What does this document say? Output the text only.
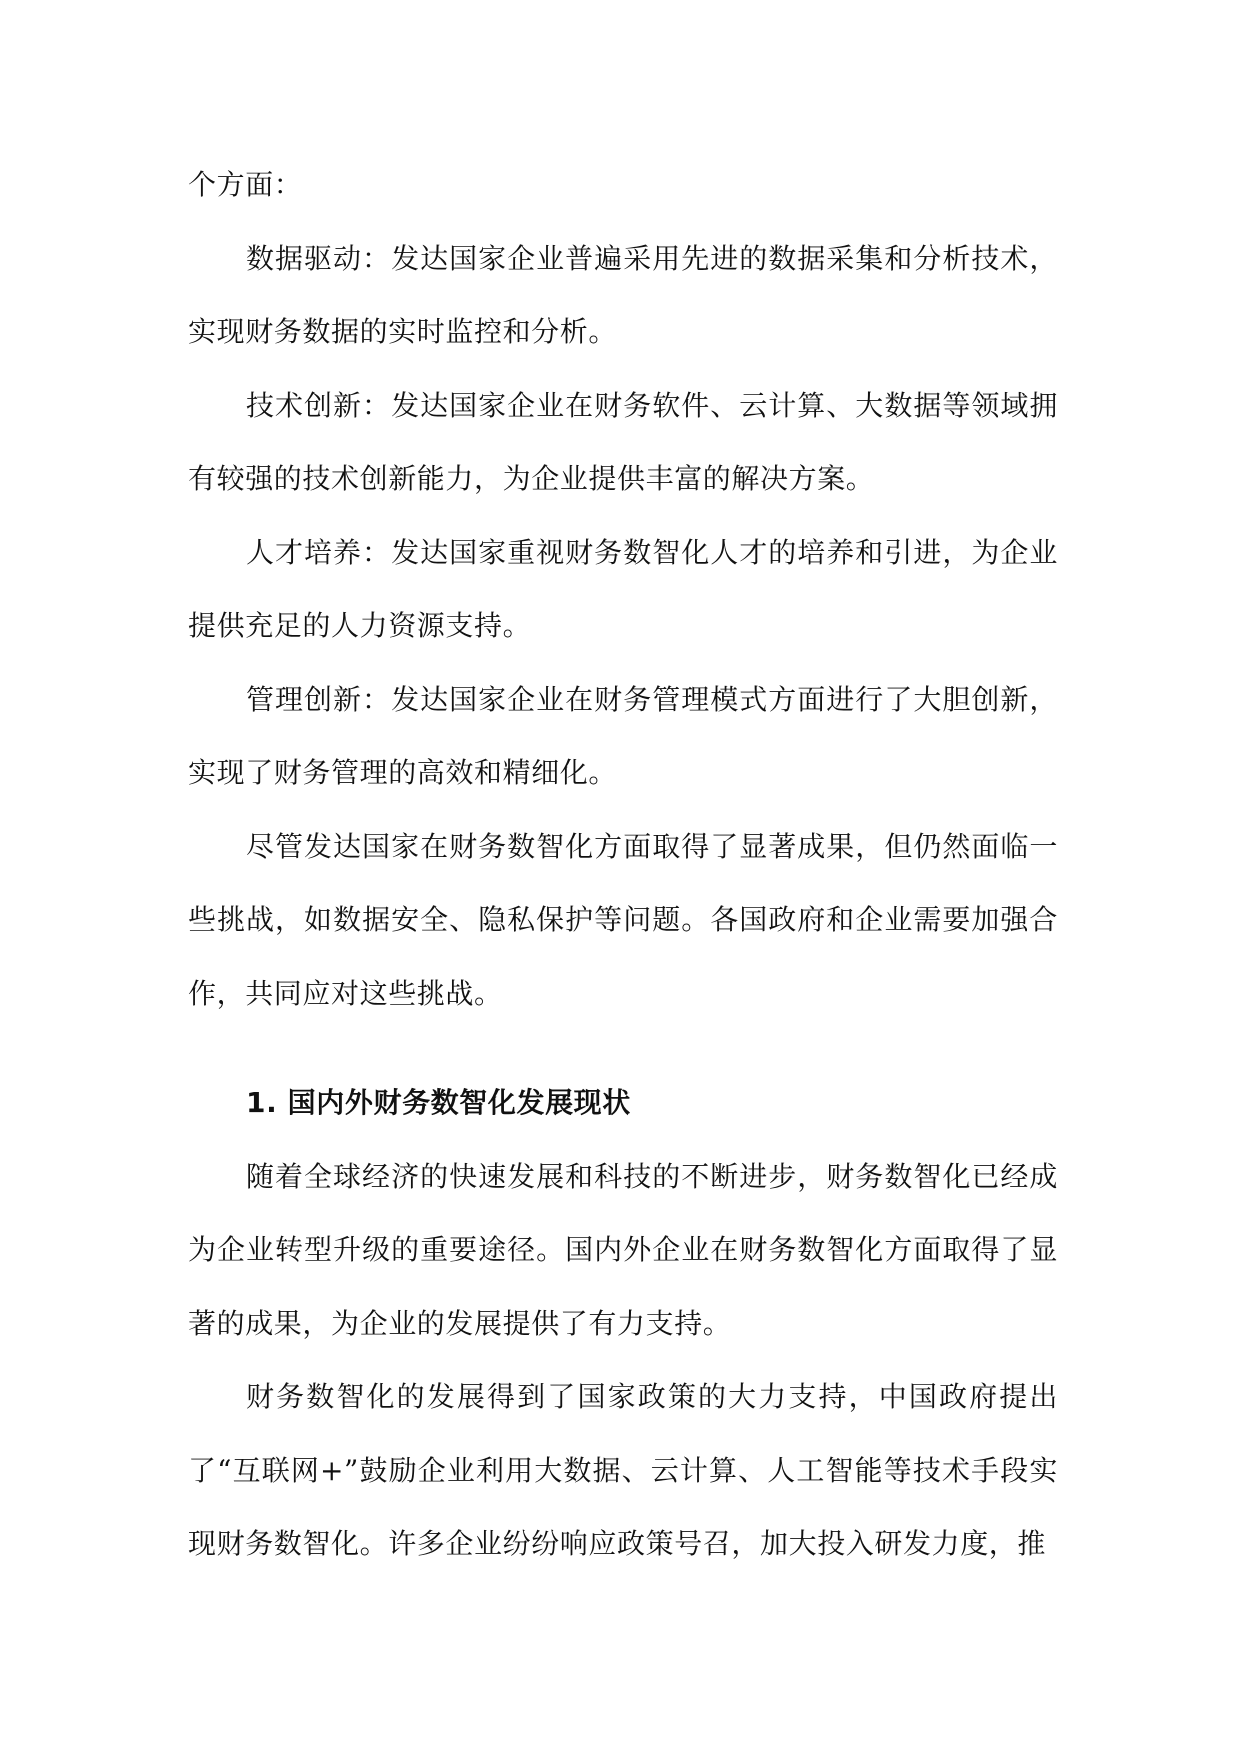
个方面：

数据驱动：发达国家企业普遍采用先进的数据采集和分析技术，实现财务数据的实时监控和分析。

技术创新：发达国家企业在财务软件、云计算、大数据等领域拥有较强的技术创新能力，为企业提供丰富的解决方案。

人才培养：发达国家重视财务数智化人才的培养和引进，为企业提供充足的人力资源支持。

管理创新：发达国家企业在财务管理模式方面进行了大胆创新，实现了财务管理的高效和精细化。

尽管发达国家在财务数智化方面取得了显著成果，但仍然面临一些挑战，如数据安全、隐私保护等问题。各国政府和企业需要加强合作，共同应对这些挑战。

1. 国内外财务数智化发展现状

随着全球经济的快速发展和科技的不断进步，财务数智化已经成为企业转型升级的重要途径。国内外企业在财务数智化方面取得了显著的成果，为企业的发展提供了有力支持。

财务数智化的发展得到了国家政策的大力支持，中国政府提出了“互联网+”鼓励企业利用大数据、云计算、人工智能等技术手段实现财务数智化。许多企业纷纷响应政策号召，加大投入研发力度，推
